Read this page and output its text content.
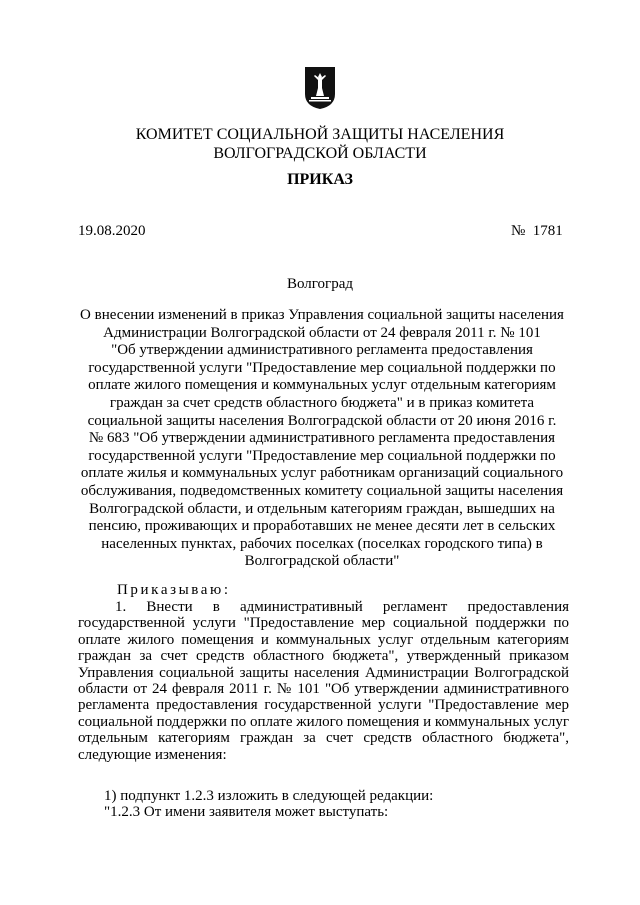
КОМИТЕТ СОЦИАЛЬНОЙ ЗАЩИТЫ НАСЕЛЕНИЯ
ВОЛГОГРАДСКОЙ ОБЛАСТИ
ПРИКАЗ
19.08.2020	№  1781
Волгоград
О внесении изменений в приказ Управления социальной защиты населения
Администрации Волгоградской области от 24 февраля 2011 г. № 101
"Об утверждении административного регламента предоставления
государственной услуги "Предоставление мер социальной поддержки по
оплате жилого помещения и коммунальных услуг отдельным категориям
граждан за счет средств областного бюджета" и в приказ комитета
социальной защиты населения Волгоградской области от 20 июня 2016 г.
№ 683 "Об утверждении административного регламента предоставления
государственной услуги "Предоставление мер социальной поддержки по
оплате жилья и коммунальных услуг работникам организаций социального
обслуживания, подведомственных комитету социальной защиты населения
Волгоградской области, и отдельным категориям граждан, вышедших на
пенсию, проживающих и проработавших не менее десяти лет в сельских
населенных пунктах, рабочих поселках (поселках городского типа) в
Волгоградской области"
Приказываю:
1. Внести в административный регламент предоставления
государственной услуги "Предоставление мер социальной поддержки по
оплате жилого помещения и коммунальных услуг отдельным категориям
граждан за счет средств областного бюджета", утвержденный приказом
Управления социальной защиты населения Администрации Волгоградской
области от 24 февраля 2011 г. № 101 "Об утверждении административного
регламента предоставления государственной услуги "Предоставление мер
социальной поддержки по оплате жилого помещения и коммунальных услуг
отдельным категориям граждан за счет средств областного бюджета",
следующие изменения:
1) подпункт 1.2.3 изложить в следующей редакции:
"1.2.3 От имени заявителя может выступать:
